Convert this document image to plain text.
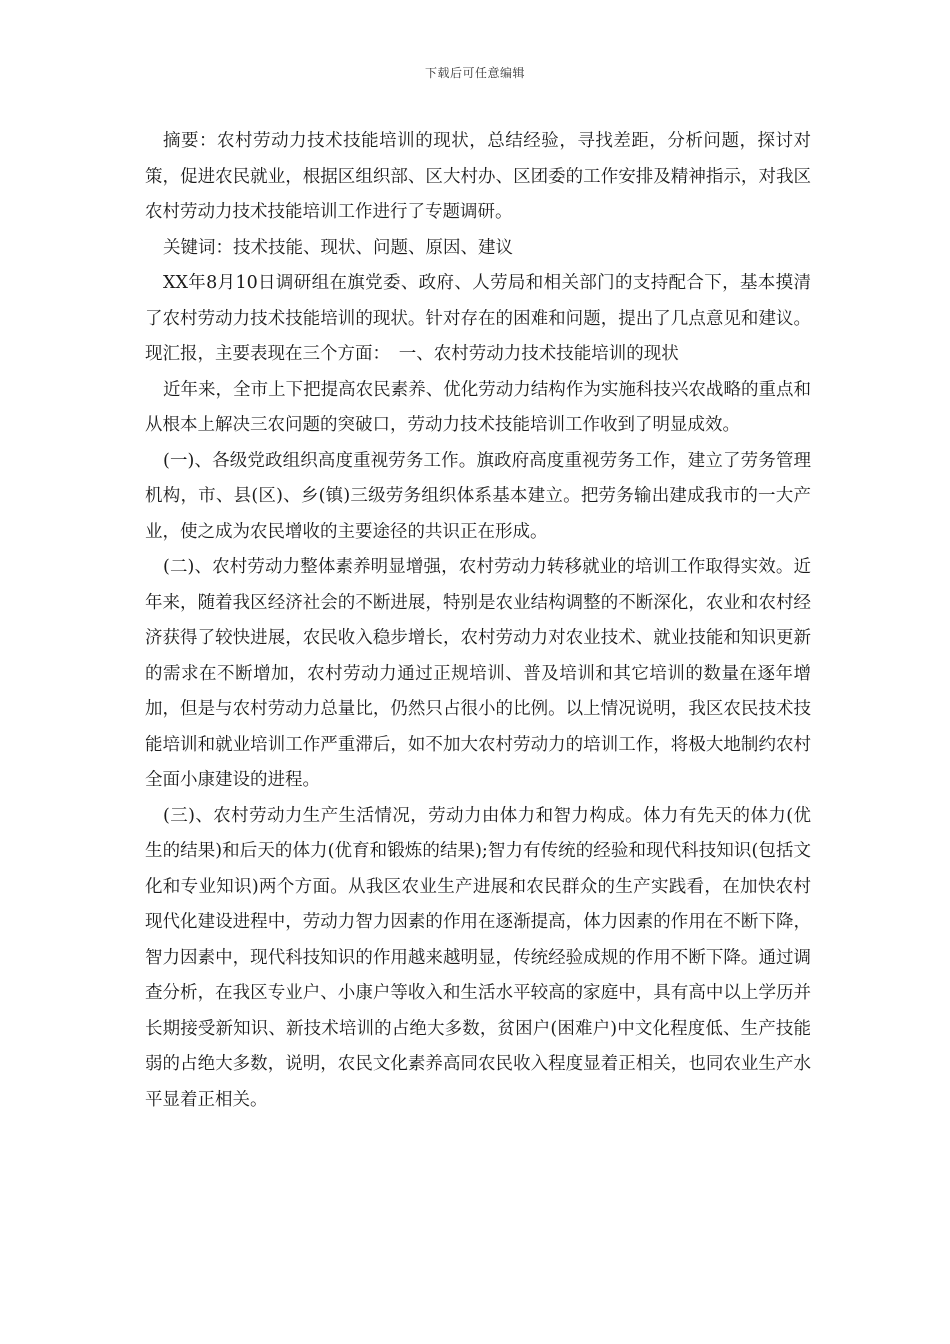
下载后可任意编辑

摘要：农村劳动力技术技能培训的现状，总结经验，寻找差距，分析问题，探讨对策，促进农民就业，根据区组织部、区大村办、区团委的工作安排及精神指示，对我区农村劳动力技术技能培训工作进行了专题调研。

关键词：技术技能、现状、问题、原因、建议

XX年8月10日调研组在旗党委、政府、人劳局和相关部门的支持配合下，基本摸清了农村劳动力技术技能培训的现状。针对存在的困难和问题，提出了几点意见和建议。现汇报，主要表现在三个方面：　一、农村劳动力技术技能培训的现状

近年来，全市上下把提高农民素养、优化劳动力结构作为实施科技兴农战略的重点和从根本上解决三农问题的突破口，劳动力技术技能培训工作收到了明显成效。

(一)、各级党政组织高度重视劳务工作。旗政府高度重视劳务工作，建立了劳务管理机构，市、县(区)、乡(镇)三级劳务组织体系基本建立。把劳务输出建成我市的一大产业，使之成为农民增收的主要途径的共识正在形成。

(二)、农村劳动力整体素养明显增强，农村劳动力转移就业的培训工作取得实效。近年来，随着我区经济社会的不断进展，特别是农业结构调整的不断深化，农业和农村经济获得了较快进展，农民收入稳步增长，农村劳动力对农业技术、就业技能和知识更新的需求在不断增加，农村劳动力通过正规培训、普及培训和其它培训的数量在逐年增加，但是与农村劳动力总量比，仍然只占很小的比例。以上情况说明，我区农民技术技能培训和就业培训工作严重滞后，如不加大农村劳动力的培训工作，将极大地制约农村全面小康建设的进程。

(三)、农村劳动力生产生活情况，劳动力由体力和智力构成。体力有先天的体力(优生的结果)和后天的体力(优育和锻炼的结果);智力有传统的经验和现代科技知识(包括文化和专业知识)两个方面。从我区农业生产进展和农民群众的生产实践看，在加快农村现代化建设进程中，劳动力智力因素的作用在逐渐提高，体力因素的作用在不断下降，智力因素中，现代科技知识的作用越来越明显，传统经验成规的作用不断下降。通过调查分析，在我区专业户、小康户等收入和生活水平较高的家庭中，具有高中以上学历并长期接受新知识、新技术培训的占绝大多数，贫困户(困难户)中文化程度低、生产技能弱的占绝大多数，说明，农民文化素养高同农民收入程度显着正相关，也同农业生产水平显着正相关。
